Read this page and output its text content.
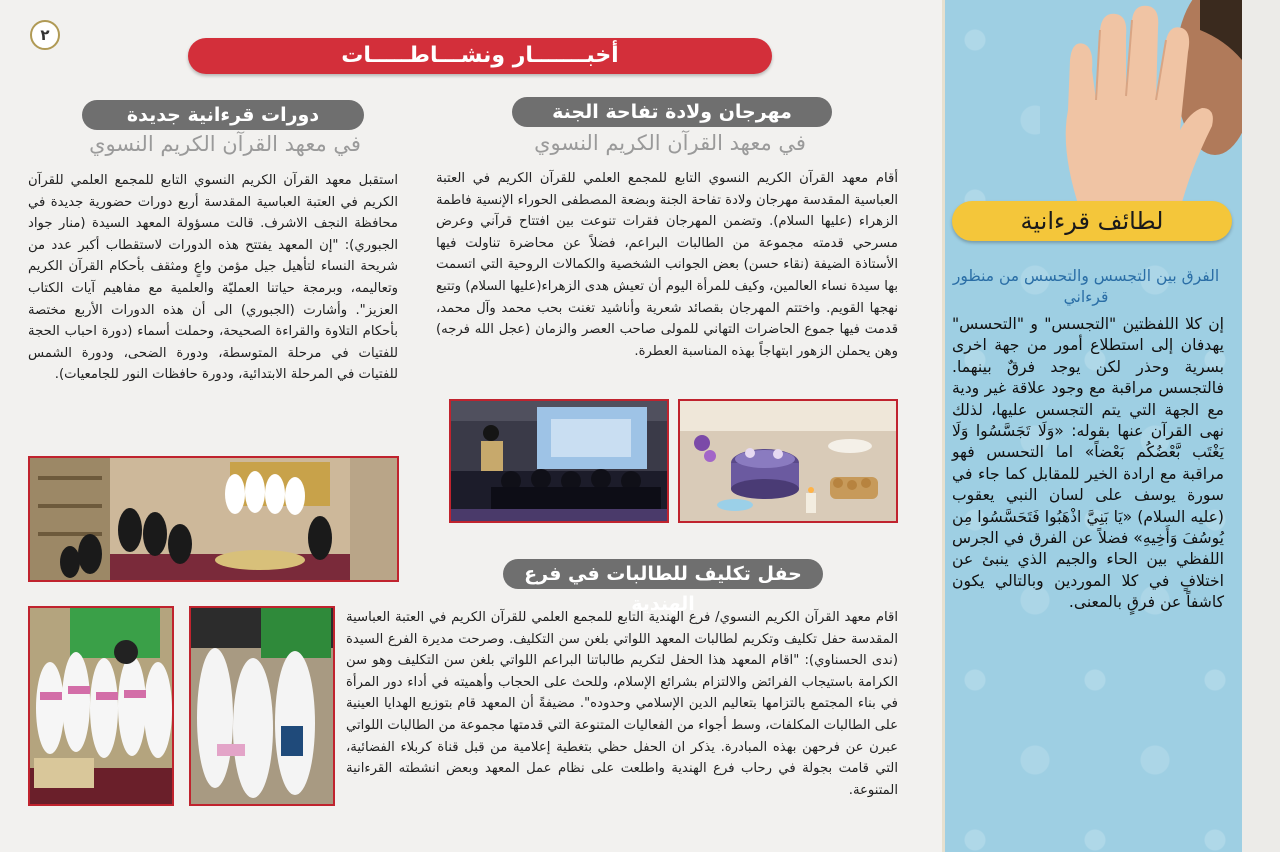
٢
أخبـــــــار ونشـــاطـــــات
مهرجان ولادة تفاحة الجنة
في معهد القرآن الكريم النسوي
أقام معهد القرآن الكريم النسوي التابع للمجمع العلمي للقرآن الكريم في العتبة العباسية المقدسة مهرجان ولادة تفاحة الجنة وبضعة المصطفى الحوراء الإنسية فاطمة الزهراء (عليها السلام). وتضمن المهرجان فقرات تنوعت بين افتتاح قرآني وعرض مسرحي قدمته مجموعة من الطالبات البراعم، فضلاً عن محاضرة تناولت فيها الأستاذة الضيفة (نقاء حسن) بعض الجوانب الشخصية والكمالات الروحية التي اتسمت بها سيدة نساء العالمين، وكيف للمرأة اليوم أن تعيش هدى الزهراء(عليها السلام) وتتبع نهجها القويم. واختتم المهرجان بقصائد شعرية وأناشيد تغنت بحب محمد وآل محمد، قدمت فيها جموع الحاضرات التهاني للمولى صاحب العصر والزمان (عجل الله فرجه) وهن يحملن الزهور ابتهاجاً بهذه المناسبة العطرة.
دورات قرءانية جديدة
في معهد القرآن الكريم النسوي
استقبل معهد القرآن الكريم النسوي التابع للمجمع العلمي للقرآن الكريم في العتبة العباسية المقدسة أربع دورات حضورية جديدة في محافظة النجف الاشرف. قالت مسؤولة المعهد السيدة (منار جواد الجبوري): "إن المعهد يفتتح هذه الدورات لاستقطاب أكبر عدد من شريحة النساء لتأهيل جيل مؤمن واعٍ ومثقف بأحكام القرآن الكريم وتعاليمه، وبرمجة حياتنا العمليّة والعلمية مع مفاهيم آيات الكتاب العزيز". وأشارت (الجبوري) الى أن هذه الدورات الأربع مختصة بأحكام التلاوة والقراءة الصحيحة، وحملت أسماء (دورة احباب الحجة للفتيات في مرحلة المتوسطة، ودورة الضحى، ودورة الشمس للفتيات في المرحلة الابتدائية، ودورة حافظات النور للجامعيات).
حفل تكليف للطالبات في فرع الهندية
اقام معهد القرآن الكريم النسوي/ فرع الهندية التابع للمجمع العلمي للقرآن الكريم في العتبة العباسية المقدسة حفل تكليف وتكريم لطالبات المعهد اللواتي بلغن سن التكليف. وصرحت مديرة الفرع السيدة (ندى الحسناوي): "اقام المعهد هذا الحفل لتكريم طالباتنا البراعم اللواتي بلغن سن التكليف وهو سن الكرامة باستيجاب الفرائض والالتزام بشرائع الإسلام، وللحث على الحجاب وأهميته في أداء دور المرأة في بناء المجتمع بالتزامها بتعاليم الدين الإسلامي وحدوده". مضيفةً أن المعهد قام بتوزيع الهدايا العينية على الطالبات المكلفات، وسط أجواء من الفعاليات المتنوعة التي قدمتها مجموعة من الطالبات اللواتي عبرن عن فرحهن بهذه المبادرة. يذكر ان الحفل حظي بتغطية إعلامية من قبل قناة كربلاء الفضائية، التي قامت بجولة في رحاب فرع الهندية واطلعت على نظام عمل المعهد وبعض انشطته القرءانية المتنوعة.
لطائف قرءانية
الفرق بين التجسس والتحسس من منظور قرءاني
إن كلا اللفظتين "التجسس" و "التحسس" يهدفان إلى استطلاع أمور من جهة اخرى بسرية وحذر لكن يوجد فرقٌ بينهما. فالتجسس مراقبة مع وجود علاقة غير ودية مع الجهة التي يتم التجسس عليها، لذلك نهى القرآن عنها بقوله: «وَلَا تَجَسَّسُوا وَلَا يَغْتَب بَّعْضُكُم بَعْضاً» اما التحسس فهو مراقبة مع ارادة الخير للمقابل كما جاء في سورة يوسف على لسان النبي يعقوب (عليه السلام) «يَا بَنِيَّ اذْهَبُوا فَتَحَسَّسُوا مِن يُوسُفَ وَأَخِيهِ» فضلاً عن الفرق في الجرس اللفظي بين الحاء والجيم الذي ينبئ عن اختلافٍ في كلا الموردين وبالتالي يكون كاشفاً عن فرقٍ بالمعنى.
